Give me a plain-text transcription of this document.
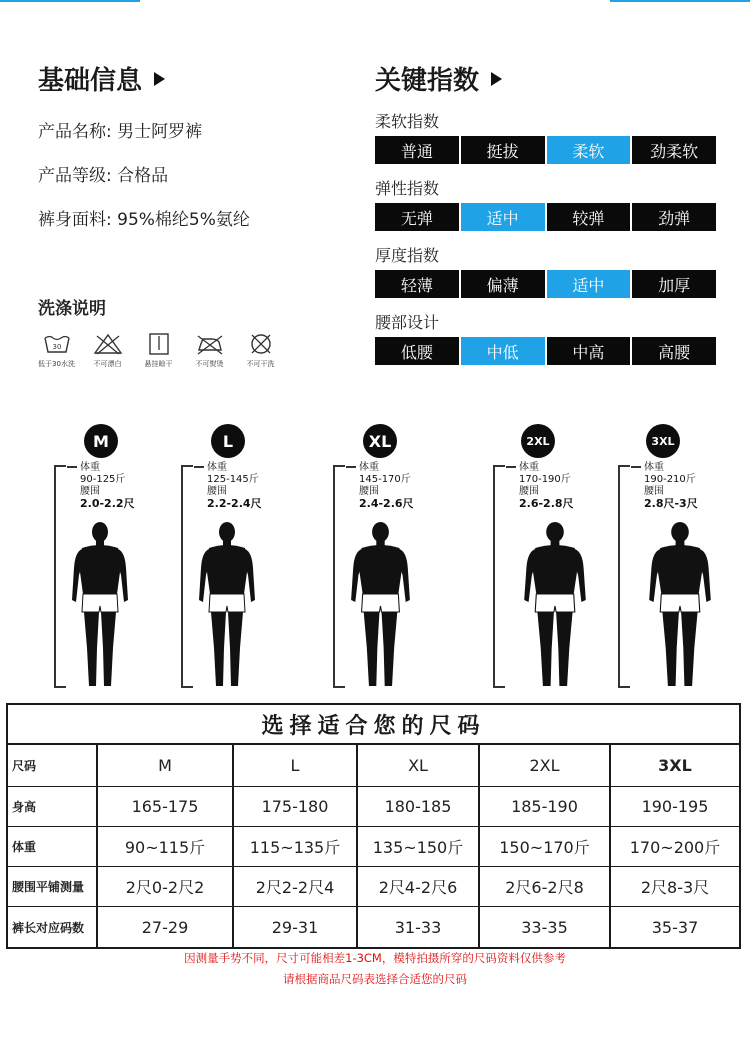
基础信息
产品名称: 男士阿罗裤
产品等级: 合格品
裤身面料: 95%棉纶5%氨纶
洗涤说明
30
低于30水洗	不可漂白	悬挂晾干	不可熨烫	不可干洗
关键指数
柔软指数
普通	挺拔	柔软	劲柔软
弹性指数
无弹	适中	较弹	劲弹
厚度指数
轻薄	偏薄	适中	加厚
腰部设计
低腰	中低	中高	高腰
M
体重
90-125斤
腰围
2.0-2.2尺
L
体重
125-145斤
腰围
2.2-2.4尺
XL
体重
145-170斤
腰围
2.4-2.6尺
2XL
体重
170-190斤
腰围
2.6-2.8尺
3XL
体重
190-210斤
腰围
2.8尺-3尺
选择适合您的尺码
尺码	M	L	XL	2XL	3XL
身高	165-175	175-180	180-185	185-190	190-195
体重	90~115斤	115~135斤	135~150斤	150~170斤	170~200斤
腰围平铺测量	2尺0-2尺2	2尺2-2尺4	2尺4-2尺6	2尺6-2尺8	2尺8-3尺
裤长对应码数	27-29	29-31	31-33	33-35	35-37
因测量手势不同，尺寸可能相差1-3CM，模特拍摄所穿的尺码资料仅供参考
请根据商品尺码表选择合适您的尺码
